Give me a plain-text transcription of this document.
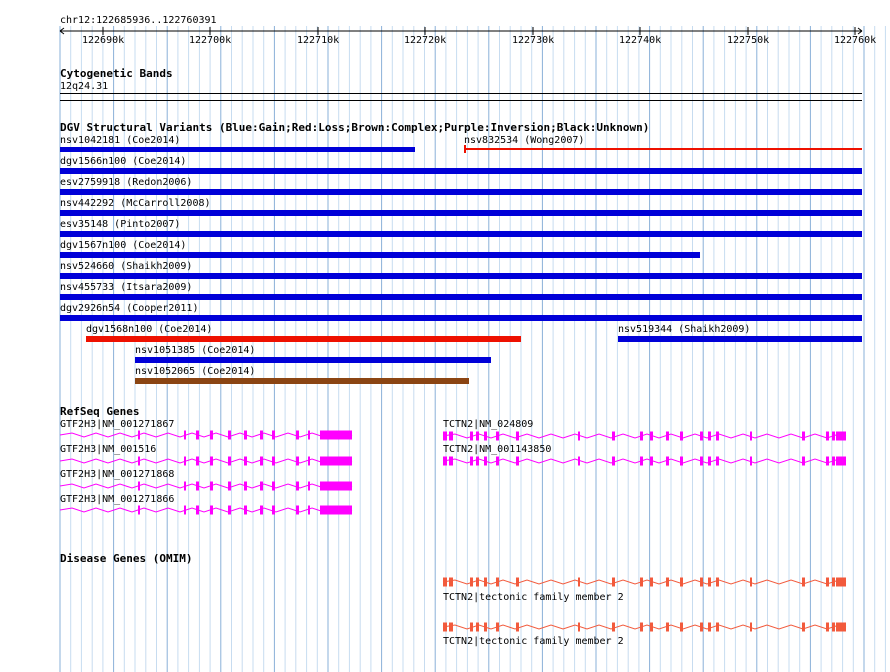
chr12:122685936..122760391
122690k	122700k	122710k	122720k	122730k	122740k	122750k	122760k
Cytogenetic Bands
12q24.31
DGV Structural Variants (Blue:Gain;Red:Loss;Brown:Complex;Purple:Inversion;Black:Unknown)
nsv1042181 (Coe2014)	nsv832534 (Wong2007)
dgv1566n100 (Coe2014)
esv2759918 (Redon2006)
nsv442292 (McCarroll2008)
esv35148 (Pinto2007)
dgv1567n100 (Coe2014)
nsv524660 (Shaikh2009)
nsv455733 (Itsara2009)
dgv2926n54 (Cooper2011)
dgv1568n100 (Coe2014)	nsv519344 (Shaikh2009)
nsv1051385 (Coe2014)
nsv1052065 (Coe2014)
RefSeq Genes
GTF2H3|NM_001271867
GTF2H3|NM_001516
GTF2H3|NM_001271868
GTF2H3|NM_001271866
TCTN2|NM_024809
TCTN2|NM_001143850
Disease Genes (OMIM)
TCTN2|tectonic family member 2
TCTN2|tectonic family member 2
